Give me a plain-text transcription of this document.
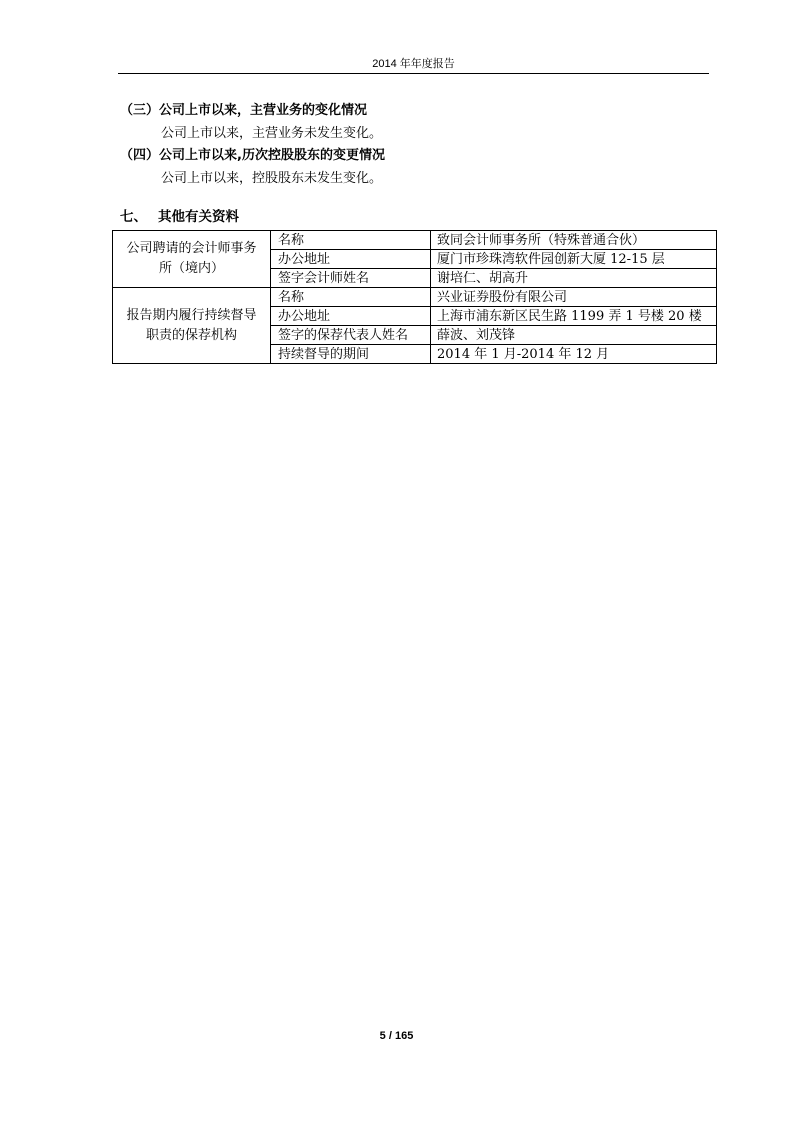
2014 年年度报告
（三）公司上市以来，主营业务的变化情况
公司上市以来，主营业务未发生变化。
（四）公司上市以来,历次控股股东的变更情况
公司上市以来，控股股东未发生变化。
七、 其他有关资料
公司聘请的会计师事务所（境内）	名称	致同会计师事务所（特殊普通合伙）
	办公地址	厦门市珍珠湾软件园创新大厦 12-15 层
	签字会计师姓名	谢培仁、胡高升
报告期内履行持续督导职责的保荐机构	名称	兴业证券股份有限公司
	办公地址	上海市浦东新区民生路 1199 弄 1 号楼 20 楼
	签字的保荐代表人姓名	薛波、刘茂锋
	持续督导的期间	2014 年 1 月-2014 年 12 月
5 / 165
